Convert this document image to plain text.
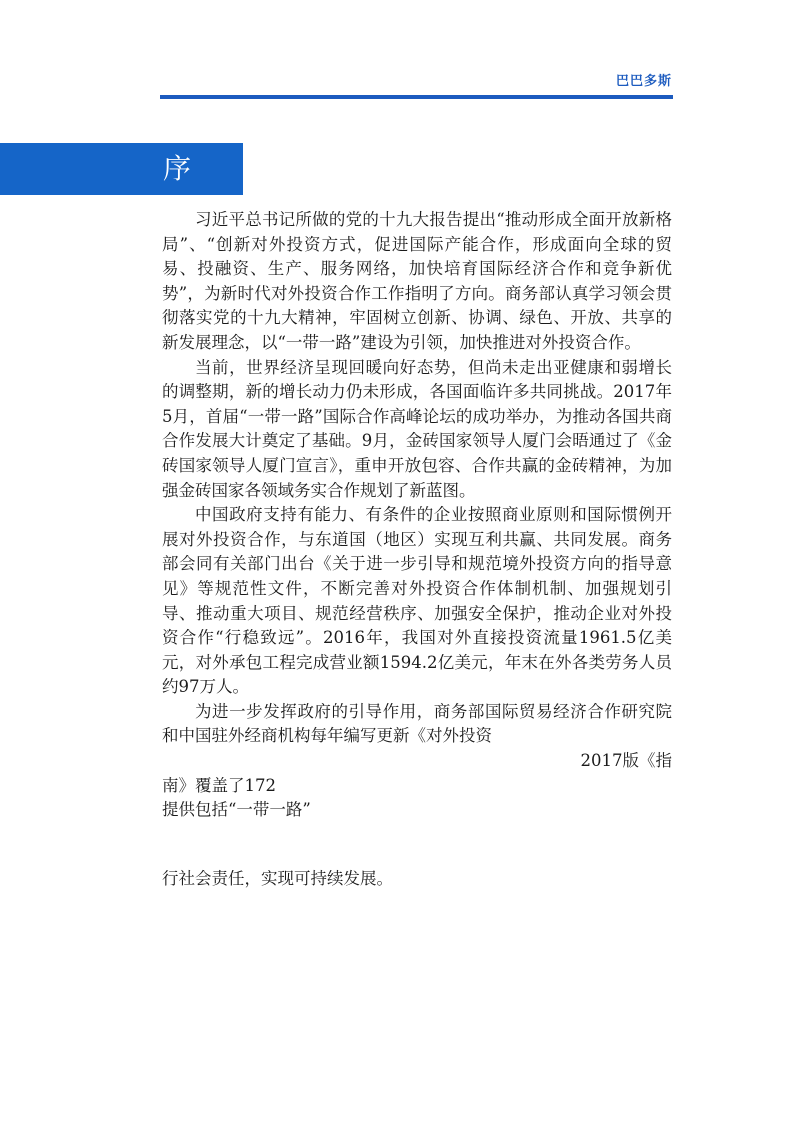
巴巴多斯
序

习近平总书记所做的党的十九大报告提出“推动形成全面开放新格局”、“创新对外投资方式，促进国际产能合作，形成面向全球的贸易、投融资、生产、服务网络，加快培育国际经济合作和竞争新优势”，为新时代对外投资合作工作指明了方向。商务部认真学习领会贯彻落实党的十九大精神，牢固树立创新、协调、绿色、开放、共享的新发展理念，以“一带一路”建设为引领，加快推进对外投资合作。

当前，世界经济呈现回暖向好态势，但尚未走出亚健康和弱增长的调整期，新的增长动力仍未形成，各国面临许多共同挑战。2017年5月，首届“一带一路”国际合作高峰论坛的成功举办，为推动各国共商合作发展大计奠定了基础。9月，金砖国家领导人厦门会晤通过了《金砖国家领导人厦门宣言》，重申开放包容、合作共赢的金砖精神，为加强金砖国家各领域务实合作规划了新蓝图。

中国政府支持有能力、有条件的企业按照商业原则和国际惯例开展对外投资合作，与东道国（地区）实现互利共赢、共同发展。商务部会同有关部门出台《关于进一步引导和规范境外投资方向的指导意见》等规范性文件，不断完善对外投资合作体制机制、加强规划引导、推动重大项目、规范经营秩序、加强安全保护，推动企业对外投资合作“行稳致远”。2016年，我国对外直接投资流量1961.5亿美元，对外承包工程完成营业额1594.2亿美元，年末在外各类劳务人员约97万人。

为进一步发挥政府的引导作用，商务部国际贸易经济合作研究院和中国驻外经商机构每年编写更新《对外投资

2017版《指

南》覆盖了172

提供包括“一带一路”

行社会责任，实现可持续发展。
